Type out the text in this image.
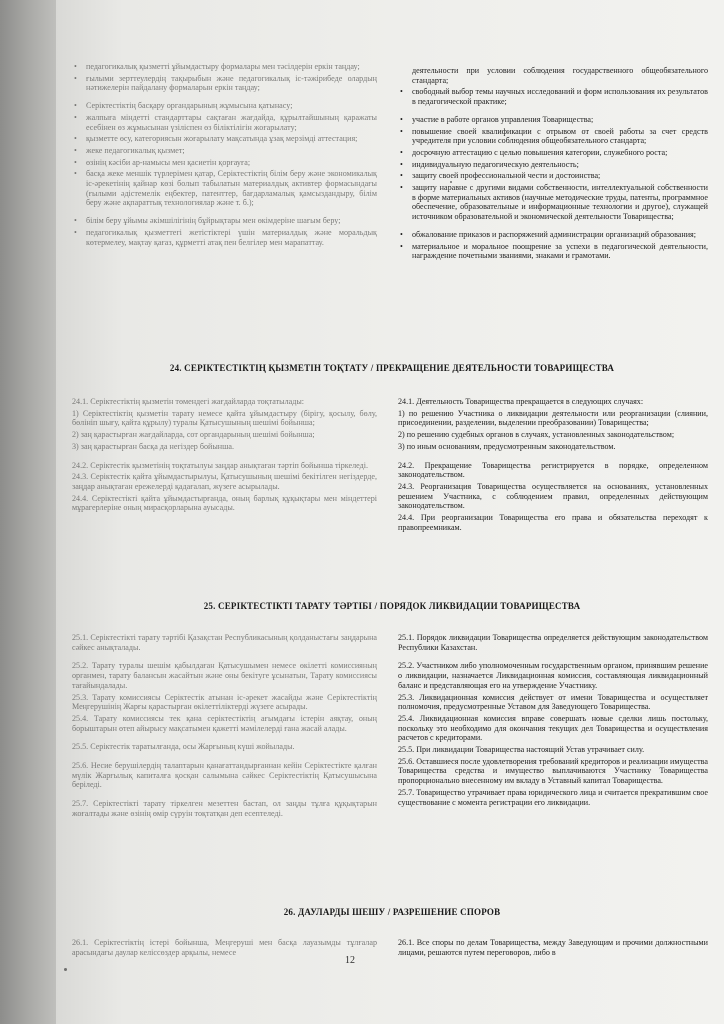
• педагогикалық қызметті ұйымдастыру формалары мен тәсілдерін еркін таңдау;
• ғылыми зерттеулердің тақырыбын және педагогикалық іс-тәжірибеде олардың нәтижелерін пайдалану формаларын еркін таңдау;
• Серіктестіктің басқару органдарының жұмысына қатынасу;
• жалпыға міндетті стандарттары сақтаған жағдайда, құрылтайшының қаражаты есебінен өз жұмысынан үзіліспен өз біліктілігін жоғарылату;
• қызметте өсу, категориясын жоғарылату мақсатында ұзақ мерзімді аттестация;
• жеке педагогикалық қызмет;
• өзінің кәсіби ар-намысы мен қасиетін қорғауға;
• басқа жеке меншік түрлерімен қатар, Серіктестіктің білім беру және экономикалық іс-әрекетінің қайнар көзі болып табылатын материалдық активтер формасындағы (ғылыми әдістемелік еңбектер, патенттер, бағдарламалық қамсыздандыру, білім беру және ақпараттық технологиялар және т. б.);
• білім беру ұйымы әкімшілігінің бұйрықтары мен өкімдеріне шағым беру;
• педагогикалық қызметтегі жетістіктері үшін материалдық және моральдық көтермелеу, мақтау қағаз, құрметті атақ пен белгілер мен марапаттау.

деятельности при условии соблюдения государственного общеобязательного стандарта;

• свободный выбор темы научных исследований и форм использования их результатов в педагогической практике;
• участие в работе органов управления Товарищества;
• повышение своей квалификации с отрывом от своей работы за счет средств учредителя при условии соблюдения общеобязательного стандарта;
• досрочную аттестацию с целью повышения категории, служебного роста;
• индивидуальную педагогическую деятельность;
• защиту своей профессиональной чести и достоинства;
• защиту наравне с другими видами собственности, интеллектуальной собственности в форме материальных активов (научные методические труды, патенты, программное обеспечение, образовательные и информационные технологии и другое), служащей источником образовательной и экономической деятельности Товарищества;
• обжалование приказов и распоряжений администрации организаций образования;
• материальное и моральное поощрение за успехи в педагогической деятельности, награждение почетными званиями, знаками и грамотами.
24. СЕРІКТЕСТІКТІҢ ҚЫЗМЕТІН ТОҚТАТУ / ПРЕКРАЩЕНИЕ ДЕЯТЕЛЬНОСТИ ТОВАРИЩЕСТВА

24.1. Серіктестіктің қызметін төмендегі жағдайларда тоқтатылады:

1) Серіктестіктің қызметін тарату немесе қайта ұйымдастыру (бірігу, қосылу, бөлу, бөлініп шығу, қайта құрылу) туралы Қатысушының шешімі бойынша;

2) заң қарастырған жағдайларда, сот органдарының шешімі бойынша;

3) заң қарастырған басқа да негіздер бойынша.

24.2. Серіктестік қызметінің тоқтатылуы заңдар анықтаған тәртіп бойынша тіркеледі.

24.3. Серіктестік қайта ұйымдастырылуы, Қатысушының шешімі бекітілген негіздерде, заңдар анықтаған ережелерді қадағалап, жүзеге асырылады.

24.4. Серіктестікті қайта ұйымдастырғанда, оның барлық құқықтары мен міндеттері мұрагерлеріне оның мирасқорларына ауысады.

24.1. Деятельность Товарищества прекращается в следующих случаях:

1) по решению Участника о ликвидации деятельности или реорганизации (слиянии, присоединении, разделении, выделении преобразовании) Товарищества;

2) по решению судебных органов в случаях, установленных законодательством;

3) по иным основаниям, предусмотренным законодательством.

24.2. Прекращение Товарищества регистрируется в порядке, определенном законодательством.

24.3. Реорганизация Товарищества осуществляется на основаниях, установленных решением Участника, с соблюдением правил, определенных действующим законодательством.

24.4. При реорганизации Товарищества его права и обязательства переходят к правопреемникам.

25. СЕРІКТЕСТІКТІ ТАРАТУ ТӘРТІБІ / ПОРЯДОК ЛИКВИДАЦИИ ТОВАРИЩЕСТВА

25.1. Серіктестікті тарату тәртібі Қазақстан Республикасының қолданыстағы заңдарына сәйкес анықталады.

25.2. Тарату туралы шешім қабылдаған Қатысушымен немесе өкілетті комиссияның органмен, тарату балансын жасайтын және оны бекітуге ұсынатын, Тарату комиссиясы тағайындалады.

25.3. Тарату комиссиясы Серіктестік атынан іс-әрекет жасайды және Серіктестіктің Меңгерушінің Жарғы қарастырған өкілеттіліктерді жүзеге асырады.

25.4. Тарату комиссиясы тек қана серіктестіктің ағымдағы істерін аяқтау, оның борыштарын өтеп айырысу мақсатымен қажетті мәмілелерді ғана жасай алады.

25.5. Серіктестік таратылғанда, осы Жарғының күші жойылады.

25.6. Несие берушілердің талаптарын қанағаттандырғаннан кейін Серіктестікте қалған мүлік Жарғылық капиталға қосқан салымына сәйкес Серіктестіктің Қатысушысына беріледі.

25.7. Серіктестікті тарату тіркелген мезеттен бастап, ол заңды тұлға құқықтарын жоғалтады және өзінің өмір сүруін тоқтатқан деп есептеледі.

25.1. Порядок ликвидации Товарищества определяется действующим законодательством Республики Казахстан.

25.2. Участником либо уполномоченным государственным органом, принявшим решение о ликвидации, назначается Ликвидационная комиссия, составляющая ликвидационный баланс и представляющая его на утверждение Участнику.

25.3. Ликвидационная комиссия действует от имени Товарищества и осуществляет полномочия, предусмотренные Уставом для Заведующего Товарищества.

25.4. Ликвидационная комиссия вправе совершать новые сделки лишь постольку, поскольку это необходимо для окончания текущих дел Товарищества и осуществления расчетов с кредиторами.

25.5. При ликвидации Товарищества настоящий Устав утрачивает силу.

25.6. Оставшиеся после удовлетворения требований кредиторов и реализации имущества Товарищества средства и имущество выплачиваются Участнику Товарищества пропорционально внесенному им вкладу в Уставный капитал Товарищества.

25.7. Товарищество утрачивает права юридического лица и считается прекратившим свое существование с момента регистрации его ликвидации.

26. ДАУЛАРДЫ ШЕШУ / РАЗРЕШЕНИЕ СПОРОВ

26.1. Серіктестіктің істері бойынша, Меңгеруші мен басқа лауазымды тұлғалар арасындағы даулар келіссөздер арқылы, немесе

26.1. Все споры по делам Товарищества, между Заведующим и прочими должностными лицами, решаются путем переговоров, либо в

12
